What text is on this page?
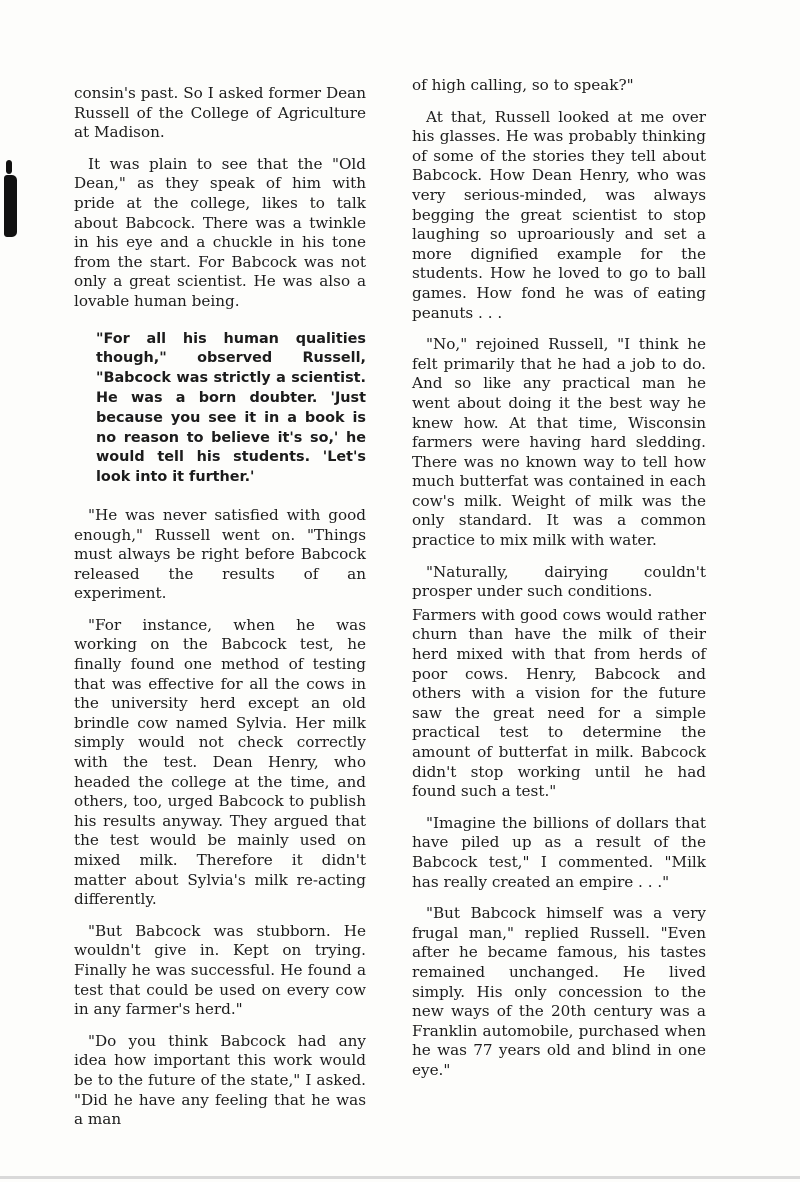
consin's past. So I asked former Dean Russell of the College of Agriculture at Madison.

It was plain to see that the "Old Dean," as they speak of him with pride at the college, likes to talk about Babcock. There was a twinkle in his eye and a chuckle in his tone from the start. For Babcock was not only a great scientist. He was also a lovable human being.

"For all his human qualities though," observed Russell, "Babcock was strictly a scientist. He was a born doubter. 'Just because you see it in a book is no reason to believe it's so,' he would tell his students. 'Let's look into it further.'

"He was never satisfied with good enough," Russell went on. "Things must always be right before Babcock released the results of an experiment.

"For instance, when he was working on the Babcock test, he finally found one method of testing that was effective for all the cows in the university herd except an old brindle cow named Sylvia. Her milk simply would not check correctly with the test. Dean Henry, who headed the college at the time, and others, too, urged Babcock to publish his results anyway. They argued that the test would be mainly used on mixed milk. Therefore it didn't matter about Sylvia's milk re-acting differently.

"But Babcock was stubborn. He wouldn't give in. Kept on trying. Finally he was successful. He found a test that could be used on every cow in any farmer's herd."

"Do you think Babcock had any idea how important this work would be to the future of the state," I asked. "Did he have any feeling that he was a man

of high calling, so to speak?"

At that, Russell looked at me over his glasses. He was probably thinking of some of the stories they tell about Babcock. How Dean Henry, who was very serious-minded, was always begging the great scientist to stop laughing so uproariously and set a more dignified example for the students. How he loved to go to ball games. How fond he was of eating peanuts . . .

"No," rejoined Russell, "I think he felt primarily that he had a job to do. And so like any practical man he went about doing it the best way he knew how. At that time, Wisconsin farmers were having hard sledding. There was no known way to tell how much butterfat was contained in each cow's milk. Weight of milk was the only standard. It was a common practice to mix milk with water.

"Naturally, dairying couldn't prosper under such conditions.

Farmers with good cows would rather churn than have the milk of their herd mixed with that from herds of poor cows. Henry, Babcock and others with a vision for the future saw the great need for a simple practical test to determine the amount of butterfat in milk. Babcock didn't stop working until he had found such a test."

"Imagine the billions of dollars that have piled up as a result of the Babcock test," I commented. "Milk has really created an empire . . ."

"But Babcock himself was a very frugal man," replied Russell. "Even after he became famous, his tastes remained unchanged. He lived simply. His only concession to the new ways of the 20th century was a Franklin automobile, purchased when he was 77 years old and blind in one eye."
